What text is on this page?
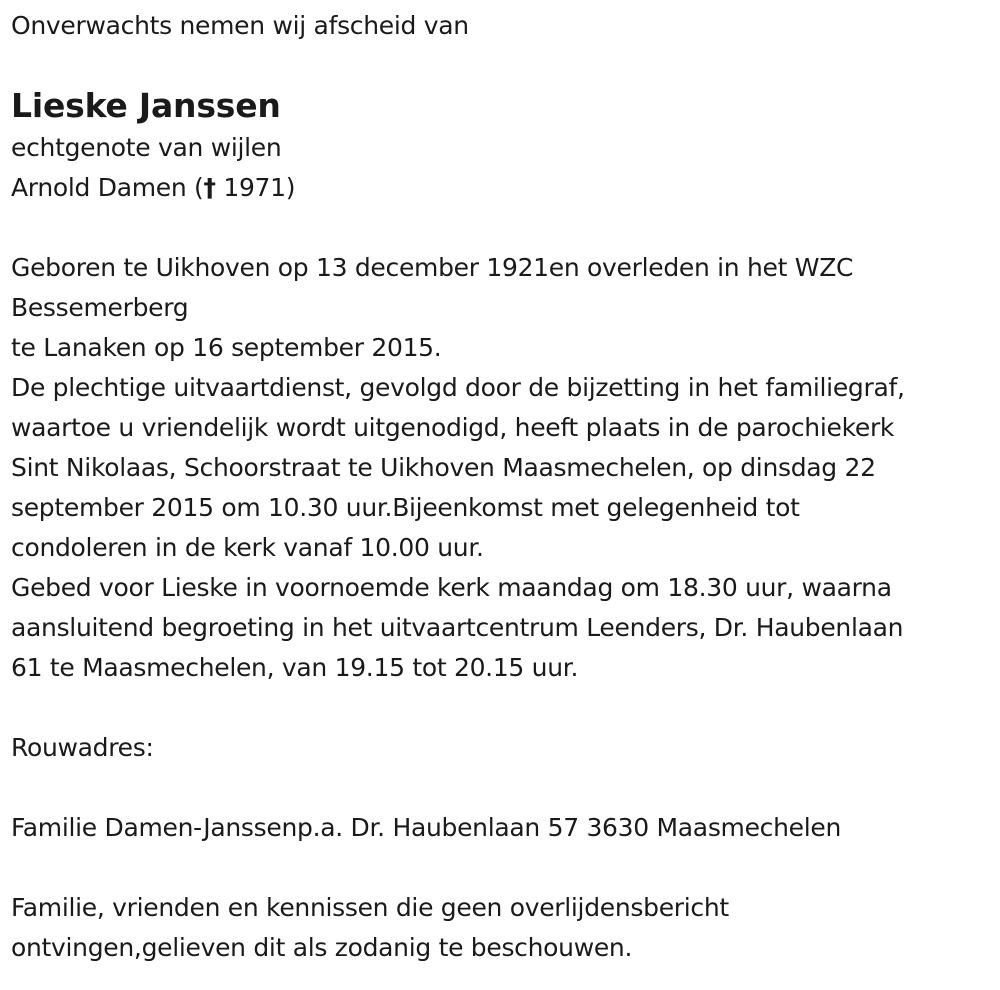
Onverwachts nemen wij afscheid van
Lieske Janssen
echtgenote van wijlen
Arnold Damen († 1971)
Geboren te Uikhoven op 13 december 1921en overleden in het WZC
Bessemerberg
te Lanaken op 16 september 2015.
De plechtige uitvaartdienst, gevolgd door de bijzetting in het familiegraf,
waartoe u vriendelijk wordt uitgenodigd, heeft plaats in de parochiekerk
Sint Nikolaas, Schoorstraat te Uikhoven Maasmechelen, op dinsdag 22
september 2015 om 10.30 uur.Bijeenkomst met gelegenheid tot
condoleren in de kerk vanaf 10.00 uur.
Gebed voor Lieske in voornoemde kerk maandag om 18.30 uur, waarna
aansluitend begroeting in het uitvaartcentrum Leenders, Dr. Haubenlaan
61 te Maasmechelen, van 19.15 tot 20.15 uur.
Rouwadres:
Familie Damen-Janssenp.a. Dr. Haubenlaan 57 3630 Maasmechelen
Familie, vrienden en kennissen die geen overlijdensbericht
ontvingen,gelieven dit als zodanig te beschouwen.
